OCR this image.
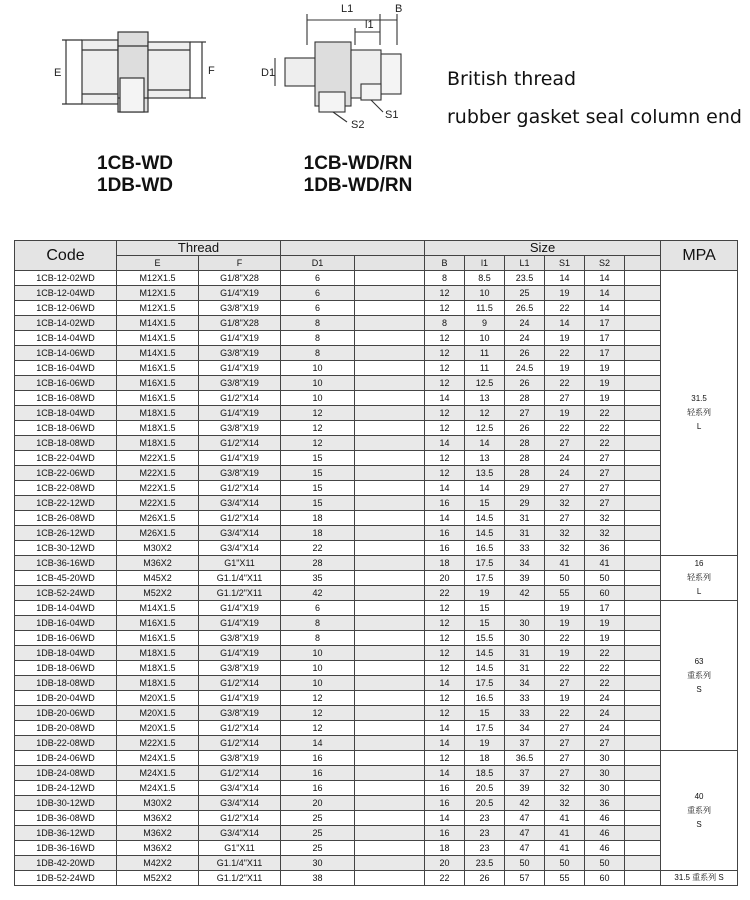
E	F
L1	B
l1
D1
S2
S1
1CB-WD
1DB-WD
1CB-WD/RN
1DB-WD/RN
British thread
rubber gasket seal column end
Code	Thread				Size						MPA
	E	F	D1		B	l1	L1	S1	S2		
1CB-12-02WD	M12X1.5	G1/8"X28	6		8	8.5	23.5	14	14		31.5
轻系列
L

1CB-12-04WD	M12X1.5	G1/4"X19	6		12	10	25	19	14		
1CB-12-06WD	M12X1.5	G3/8"X19	6		12	11.5	26.5	22	14		
1CB-14-02WD	M14X1.5	G1/8"X28	8		8	9	24	14	17		
1CB-14-04WD	M14X1.5	G1/4"X19	8		12	10	24	19	17		
1CB-14-06WD	M14X1.5	G3/8"X19	8		12	11	26	22	17		
1CB-16-04WD	M16X1.5	G1/4"X19	10		12	11	24.5	19	19		
1CB-16-06WD	M16X1.5	G3/8"X19	10		12	12.5	26	22	19		
1CB-16-08WD	M16X1.5	G1/2"X14	10		14	13	28	27	19		
1CB-18-04WD	M18X1.5	G1/4"X19	12		12	12	27	19	22		
1CB-18-06WD	M18X1.5	G3/8"X19	12		12	12.5	26	22	22		
1CB-18-08WD	M18X1.5	G1/2"X14	12		14	14	28	27	22		
1CB-22-04WD	M22X1.5	G1/4"X19	15		12	13	28	24	27		
1CB-22-06WD	M22X1.5	G3/8"X19	15		12	13.5	28	24	27		
1CB-22-08WD	M22X1.5	G1/2"X14	15		14	14	29	27	27		
1CB-22-12WD	M22X1.5	G3/4"X14	15		16	15	29	32	27		
1CB-26-08WD	M26X1.5	G1/2"X14	18		14	14.5	31	27	32		
1CB-26-12WD	M26X1.5	G3/4"X14	18		16	14.5	31	32	32		
1CB-30-12WD	M30X2	G3/4"X14	22		16	16.5	33	32	36		
1CB-36-16WD	M36X2	G1"X11	28		18	17.5	34	41	41		16
轻系列
L

1CB-45-20WD	M45X2	G1.1/4"X11	35		20	17.5	39	50	50		
1CB-52-24WD	M52X2	G1.1/2"X11	42		22	19	42	55	60		
1DB-14-04WD	M14X1.5	G1/4"X19	6		12	15		19	17		63
重系列
S

1DB-16-04WD	M16X1.5	G1/4"X19	8		12	15	30	19	19		
1DB-16-06WD	M16X1.5	G3/8"X19	8		12	15.5	30	22	19		
1DB-18-04WD	M18X1.5	G1/4"X19	10		12	14.5	31	19	22		
1DB-18-06WD	M18X1.5	G3/8"X19	10		12	14.5	31	22	22		
1DB-18-08WD	M18X1.5	G1/2"X14	10		14	17.5	34	27	22		
1DB-20-04WD	M20X1.5	G1/4"X19	12		12	16.5	33	19	24		
1DB-20-06WD	M20X1.5	G3/8"X19	12		12	15	33	22	24		
1DB-20-08WD	M20X1.5	G1/2"X14	12		14	17.5	34	27	24		
1DB-22-08WD	M22X1.5	G1/2"X14	14		14	19	37	27	27		
1DB-24-06WD	M24X1.5	G3/8"X19	16		12	18	36.5	27	30		40
重系列
S

1DB-24-08WD	M24X1.5	G1/2"X14	16		14	18.5	37	27	30		
1DB-24-12WD	M24X1.5	G3/4"X14	16		16	20.5	39	32	30		
1DB-30-12WD	M30X2	G3/4"X14	20		16	20.5	42	32	36		
1DB-36-08WD	M36X2	G1/2"X14	25		14	23	47	41	46		
1DB-36-12WD	M36X2	G3/4"X14	25		16	23	47	41	46		
1DB-36-16WD	M36X2	G1"X11	25		18	23	47	41	46		
1DB-42-20WD	M42X2	G1.1/4"X11	30		20	23.5	50	50	50		
1DB-52-24WD	M52X2	G1.1/2"X11	38		22	26	57	55	60		31.5 重系列 S
